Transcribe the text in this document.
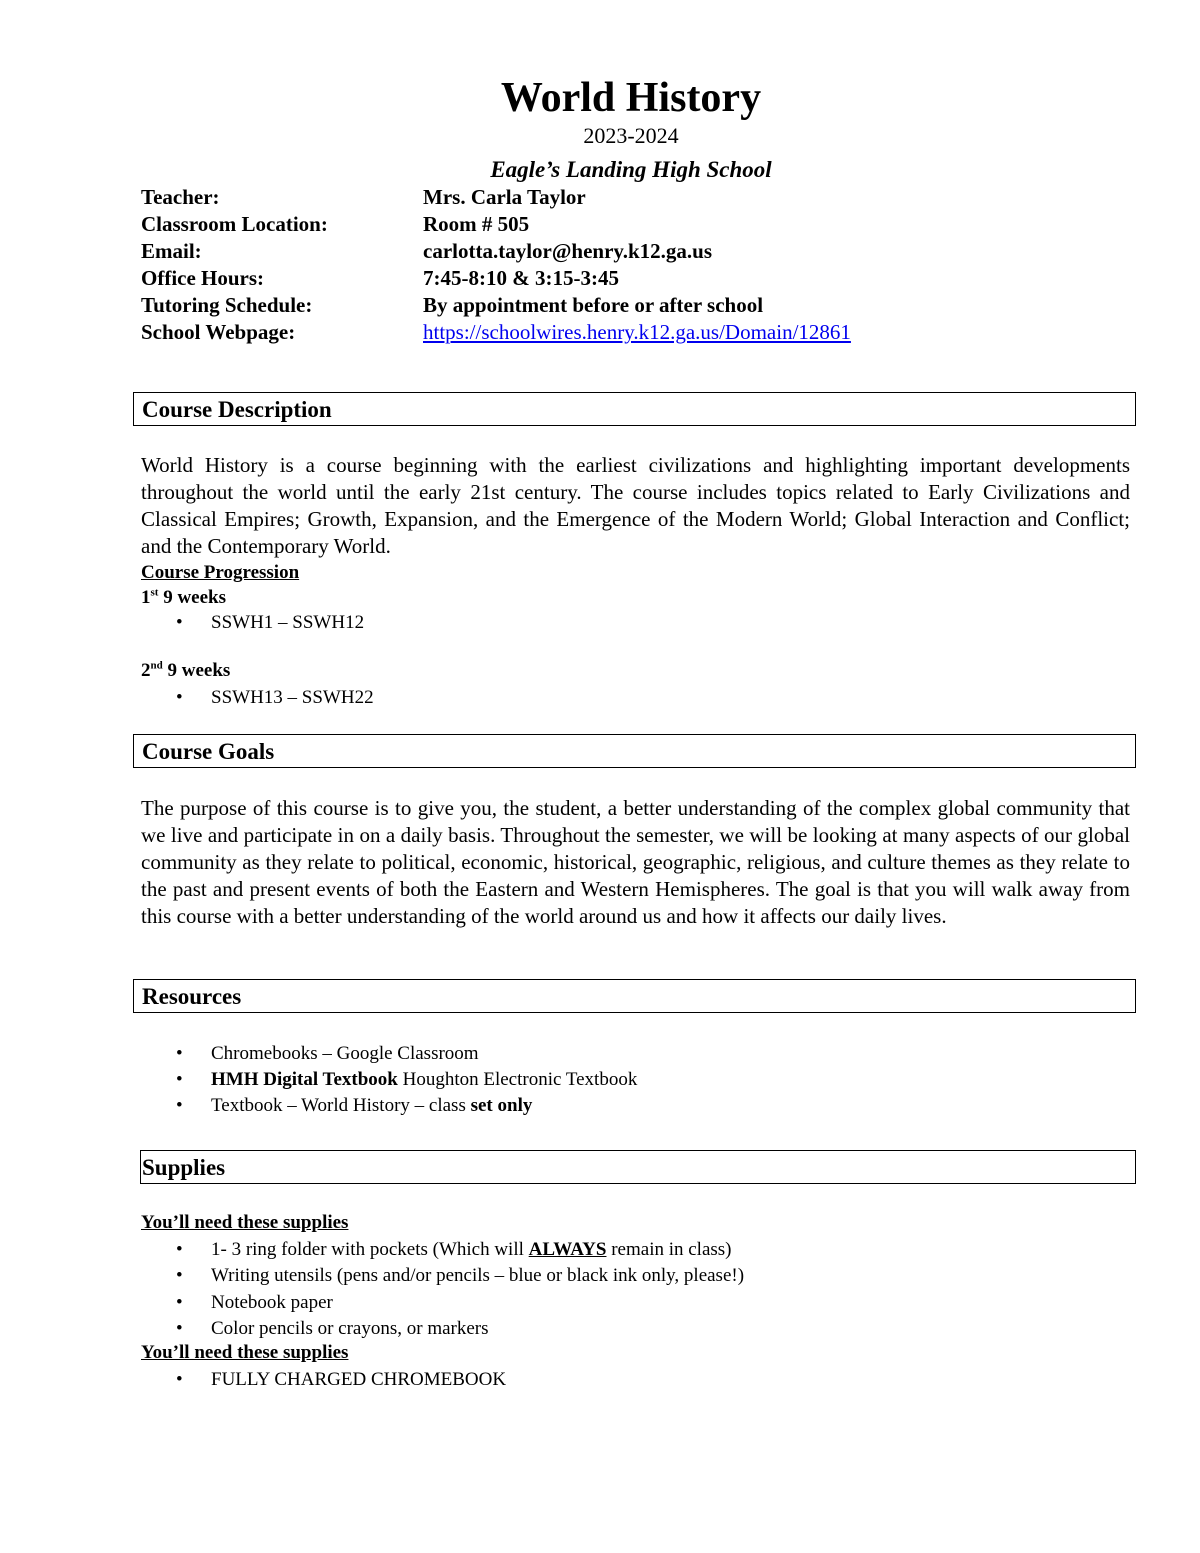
World History
2023-2024
Eagle’s Landing High School
Teacher:	Mrs. Carla Taylor
Classroom Location:	Room # 505
Email:	carlotta.taylor@henry.k12.ga.us
Office Hours:	7:45-8:10 & 3:15-3:45
Tutoring Schedule:	By appointment before or after school
School Webpage:	https://schoolwires.henry.k12.ga.us/Domain/12861
Course Description
World History is a course beginning with the earliest civilizations and highlighting important developments throughout the world until the early 21st century. The course includes topics related to Early Civilizations and Classical Empires; Growth, Expansion, and the Emergence of the Modern World; Global Interaction and Conflict; and the Contemporary World.
Course Progression
1st 9 weeks
• SSWH1 – SSWH12
2nd 9 weeks
• SSWH13 – SSWH22
Course Goals
The purpose of this course is to give you, the student, a better understanding of the complex global community that we live and participate in on a daily basis. Throughout the semester, we will be looking at many aspects of our global community as they relate to political, economic, historical, geographic, religious, and culture themes as they relate to the past and present events of both the Eastern and Western Hemispheres. The goal is that you will walk away from this course with a better understanding of the world around us and how it affects our daily lives.
Resources
• Chromebooks – Google Classroom
• HMH Digital Textbook Houghton Electronic Textbook
• Textbook – World History – class set only
Supplies
You’ll need these supplies
• 1- 3 ring folder with pockets (Which will ALWAYS remain in class)
• Writing utensils (pens and/or pencils – blue or black ink only, please!)
• Notebook paper
• Color pencils or crayons, or markers
You’ll need these supplies
• FULLY CHARGED CHROMEBOOK
